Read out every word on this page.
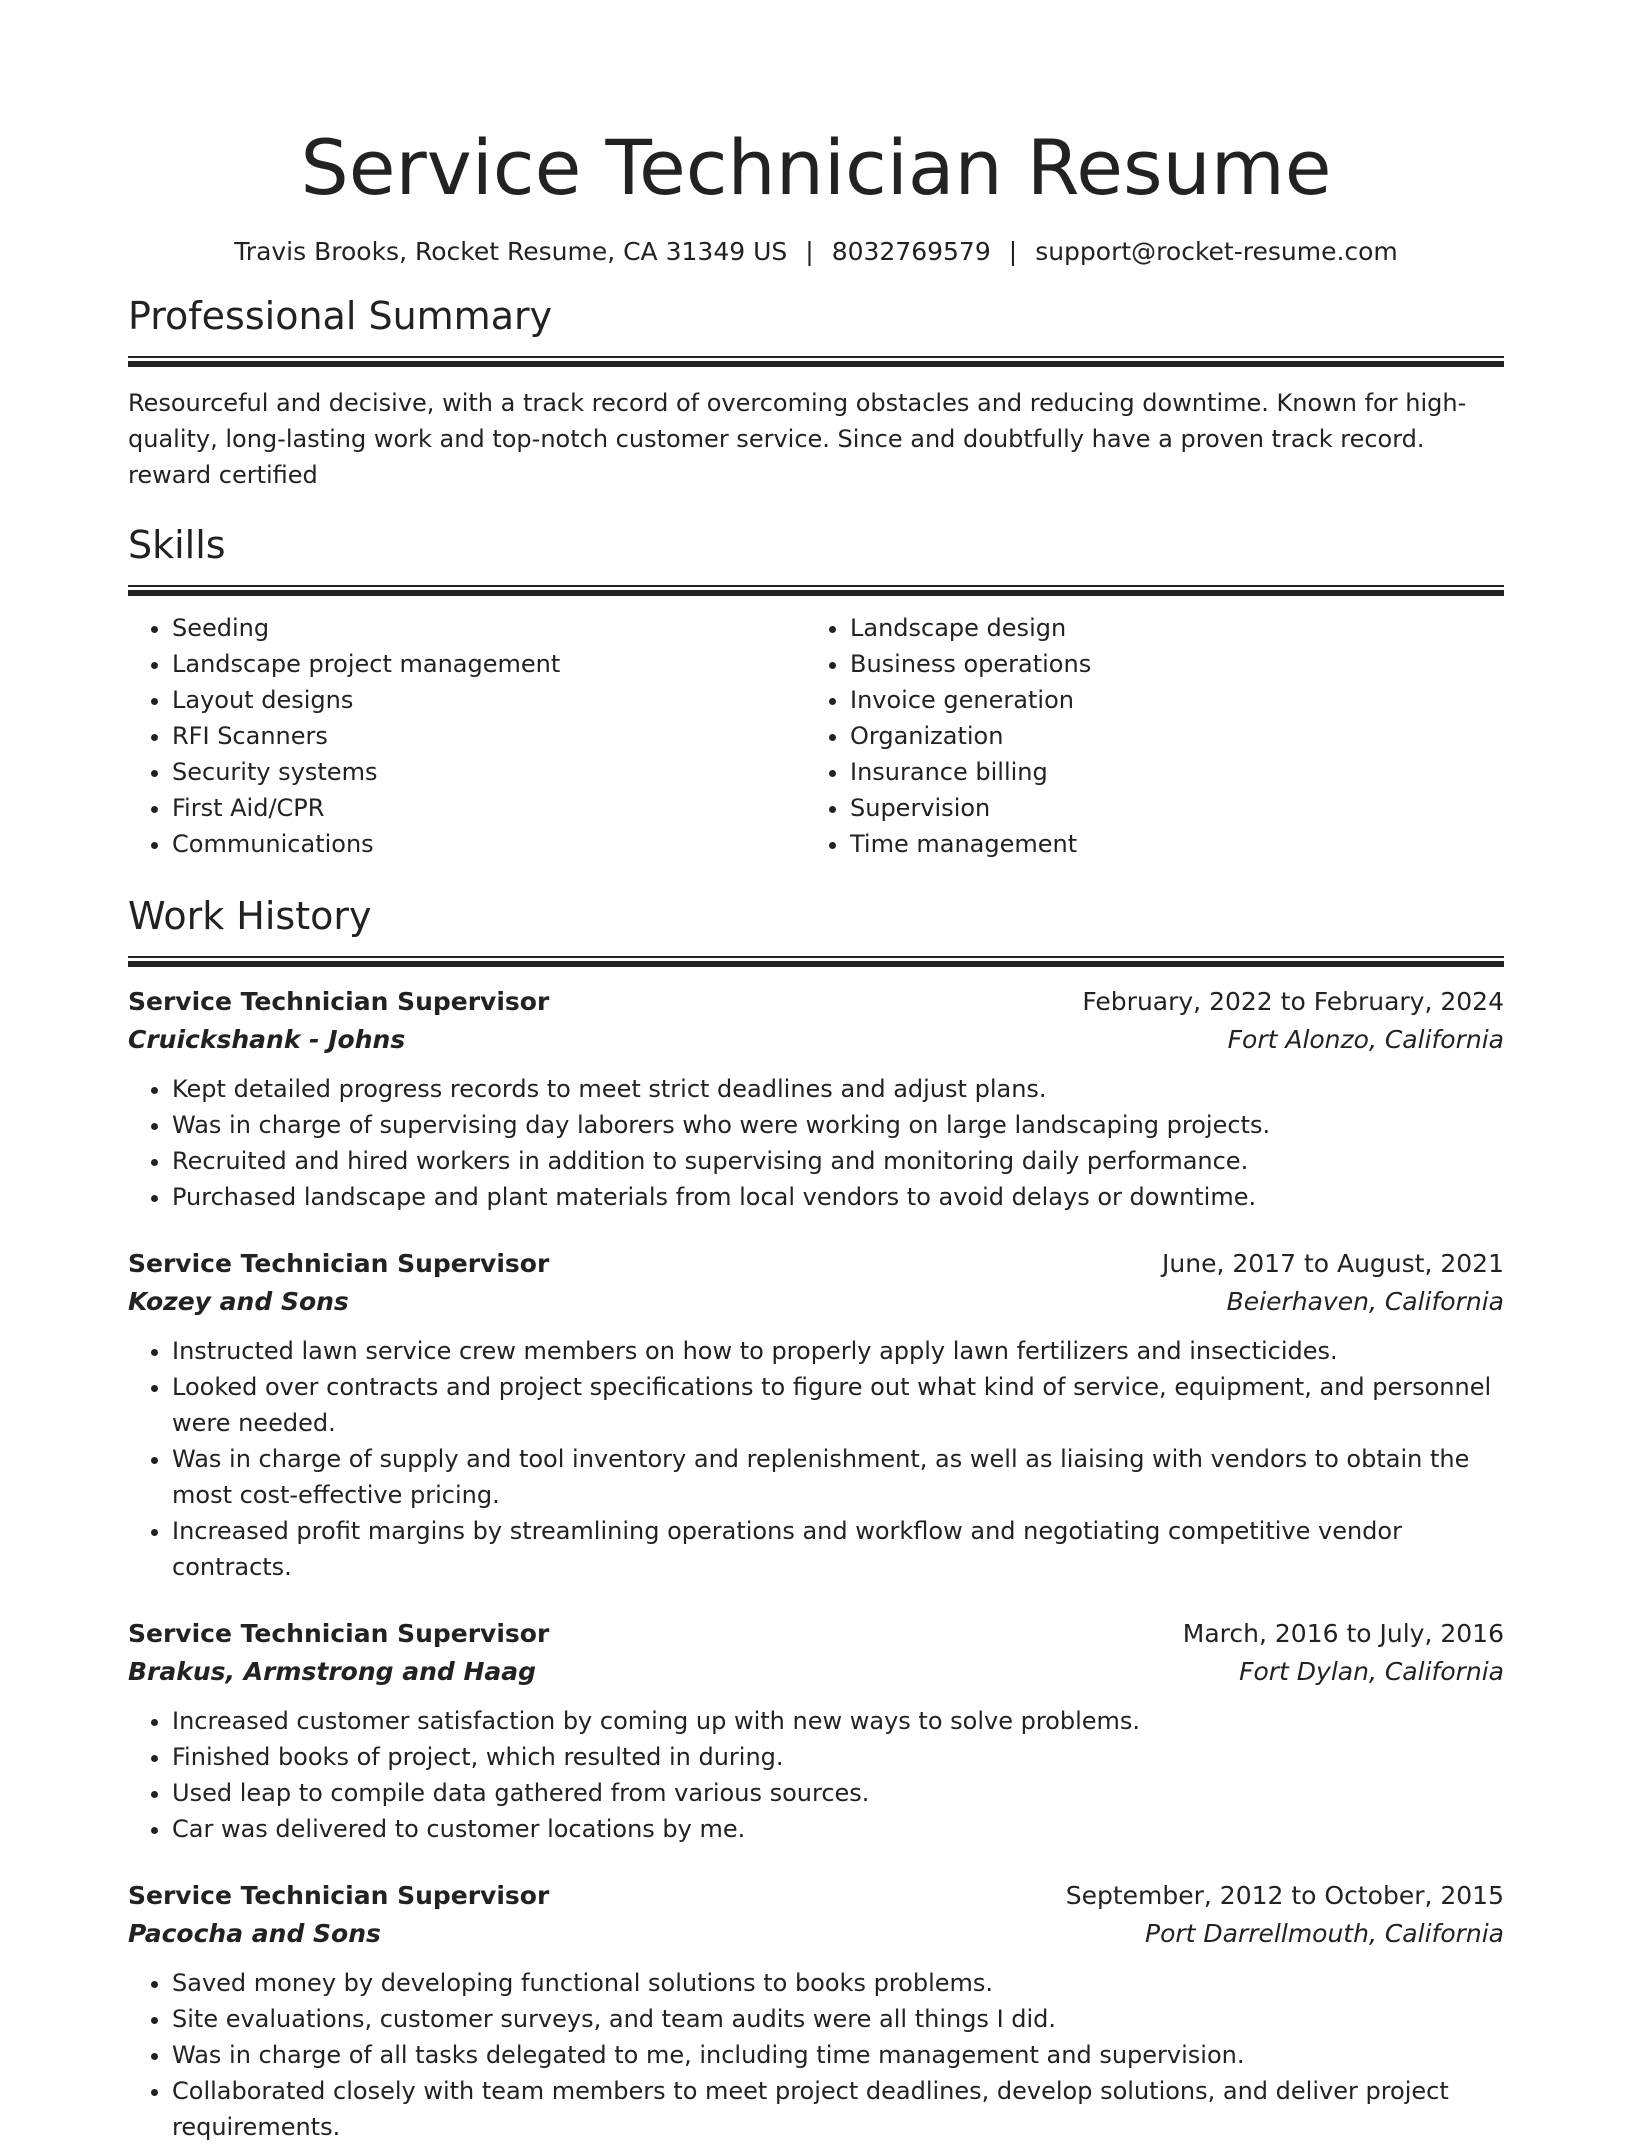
Service Technician Resume
Travis Brooks, Rocket Resume, CA 31349 US | 8032769579 | support@rocket-resume.com
Professional Summary

Resourceful and decisive, with a track record of overcoming obstacles and reducing downtime. Known for high-quality, long-lasting work and top-notch customer service. Since and doubtfully have a proven track record. reward certified

Skills
• Seeding
• Landscape project management
• Layout designs
• RFI Scanners
• Security systems
• First Aid/CPR
• Communications
• Landscape design
• Business operations
• Invoice generation
• Organization
• Insurance billing
• Supervision
• Time management
Work History
Service Technician Supervisor	February, 2022 to February, 2024
Cruickshank - Johns	Fort Alonzo, California
• Kept detailed progress records to meet strict deadlines and adjust plans.
• Was in charge of supervising day laborers who were working on large landscaping projects.
• Recruited and hired workers in addition to supervising and monitoring daily performance.
• Purchased landscape and plant materials from local vendors to avoid delays or downtime.
Service Technician Supervisor	June, 2017 to August, 2021
Kozey and Sons	Beierhaven, California
• Instructed lawn service crew members on how to properly apply lawn fertilizers and insecticides.
• Looked over contracts and project specifications to figure out what kind of service, equipment, and personnel were needed.
• Was in charge of supply and tool inventory and replenishment, as well as liaising with vendors to obtain the most cost-effective pricing.
• Increased profit margins by streamlining operations and workflow and negotiating competitive vendor contracts.
Service Technician Supervisor	March, 2016 to July, 2016
Brakus, Armstrong and Haag	Fort Dylan, California
• Increased customer satisfaction by coming up with new ways to solve problems.
• Finished books of project, which resulted in during.
• Used leap to compile data gathered from various sources.
• Car was delivered to customer locations by me.
Service Technician Supervisor	September, 2012 to October, 2015
Pacocha and Sons	Port Darrellmouth, California
• Saved money by developing functional solutions to books problems.
• Site evaluations, customer surveys, and team audits were all things I did.
• Was in charge of all tasks delegated to me, including time management and supervision.
• Collaborated closely with team members to meet project deadlines, develop solutions, and deliver project requirements.
